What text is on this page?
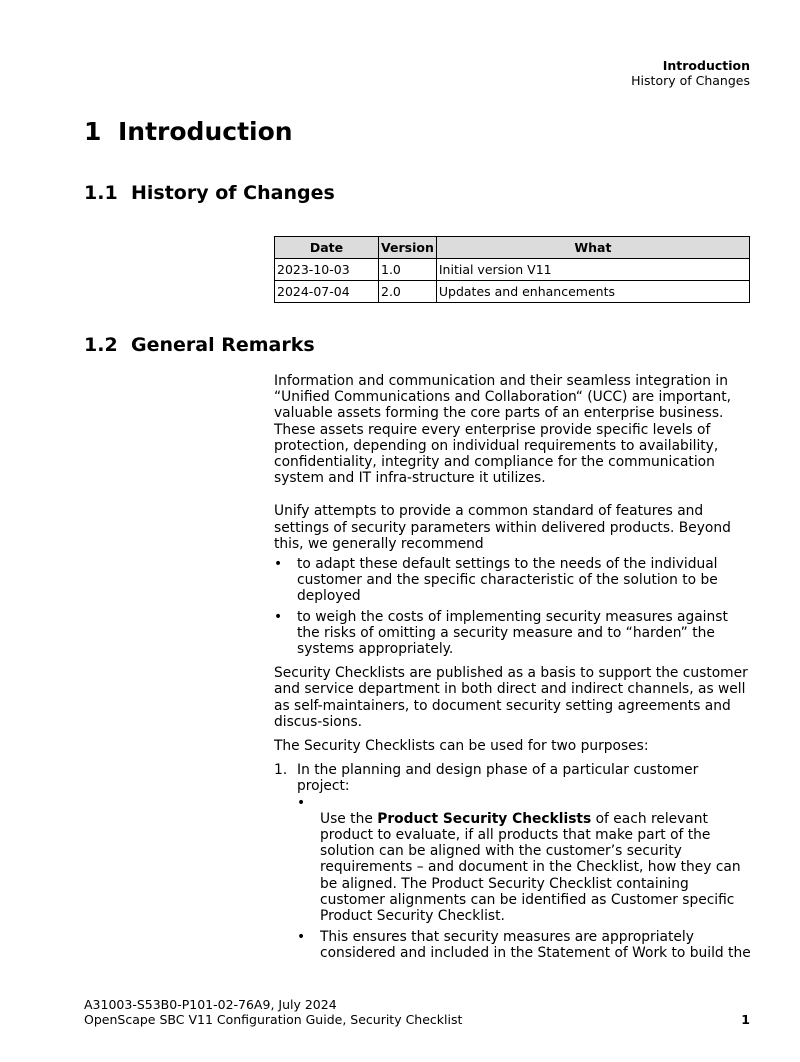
Introduction
History of Changes
1 Introduction
1.1 History of Changes
Date	Version	What
2023-10-03	1.0	Initial version V11
2024-07-04	2.0	Updates and enhancements
1.2 General Remarks

Information and communication and their seamless integration in “Unified Communications and Collaboration“ (UCC) are important, valuable assets forming the core parts of an enterprise business. These assets require every enterprise provide specific levels of protection, depending on individual requirements to availability, confidentiality, integrity and compliance for the communication system and IT infra-structure it utilizes.

Unify attempts to provide a common standard of features and settings of security parameters within delivered products. Beyond this, we generally recommend

• to adapt these default settings to the needs of the individual customer and the specific characteristic of the solution to be deployed
• to weigh the costs of implementing security measures against the risks of omitting a security measure and to “harden” the systems appropriately.

Security Checklists are published as a basis to support the customer and service department in both direct and indirect channels, as well as self-maintainers, to document security setting agreements and discus-sions.

The Security Checklists can be used for two purposes:

1. In the planning and design phase of a particular customer project:
•
Use the Product Security Checklists of each relevant product to evaluate, if all products that make part of the solution can be aligned with the customer’s security requirements – and document in the Checklist, how they can be aligned. The Product Security Checklist containing customer alignments can be identified as Customer specific Product Security Checklist.
• This ensures that security measures are appropriately considered and included in the Statement of Work to build the
A31003-S53B0-P101-02-76A9, July 2024
OpenScape SBC V11 Configuration Guide, Security Checklist	1
